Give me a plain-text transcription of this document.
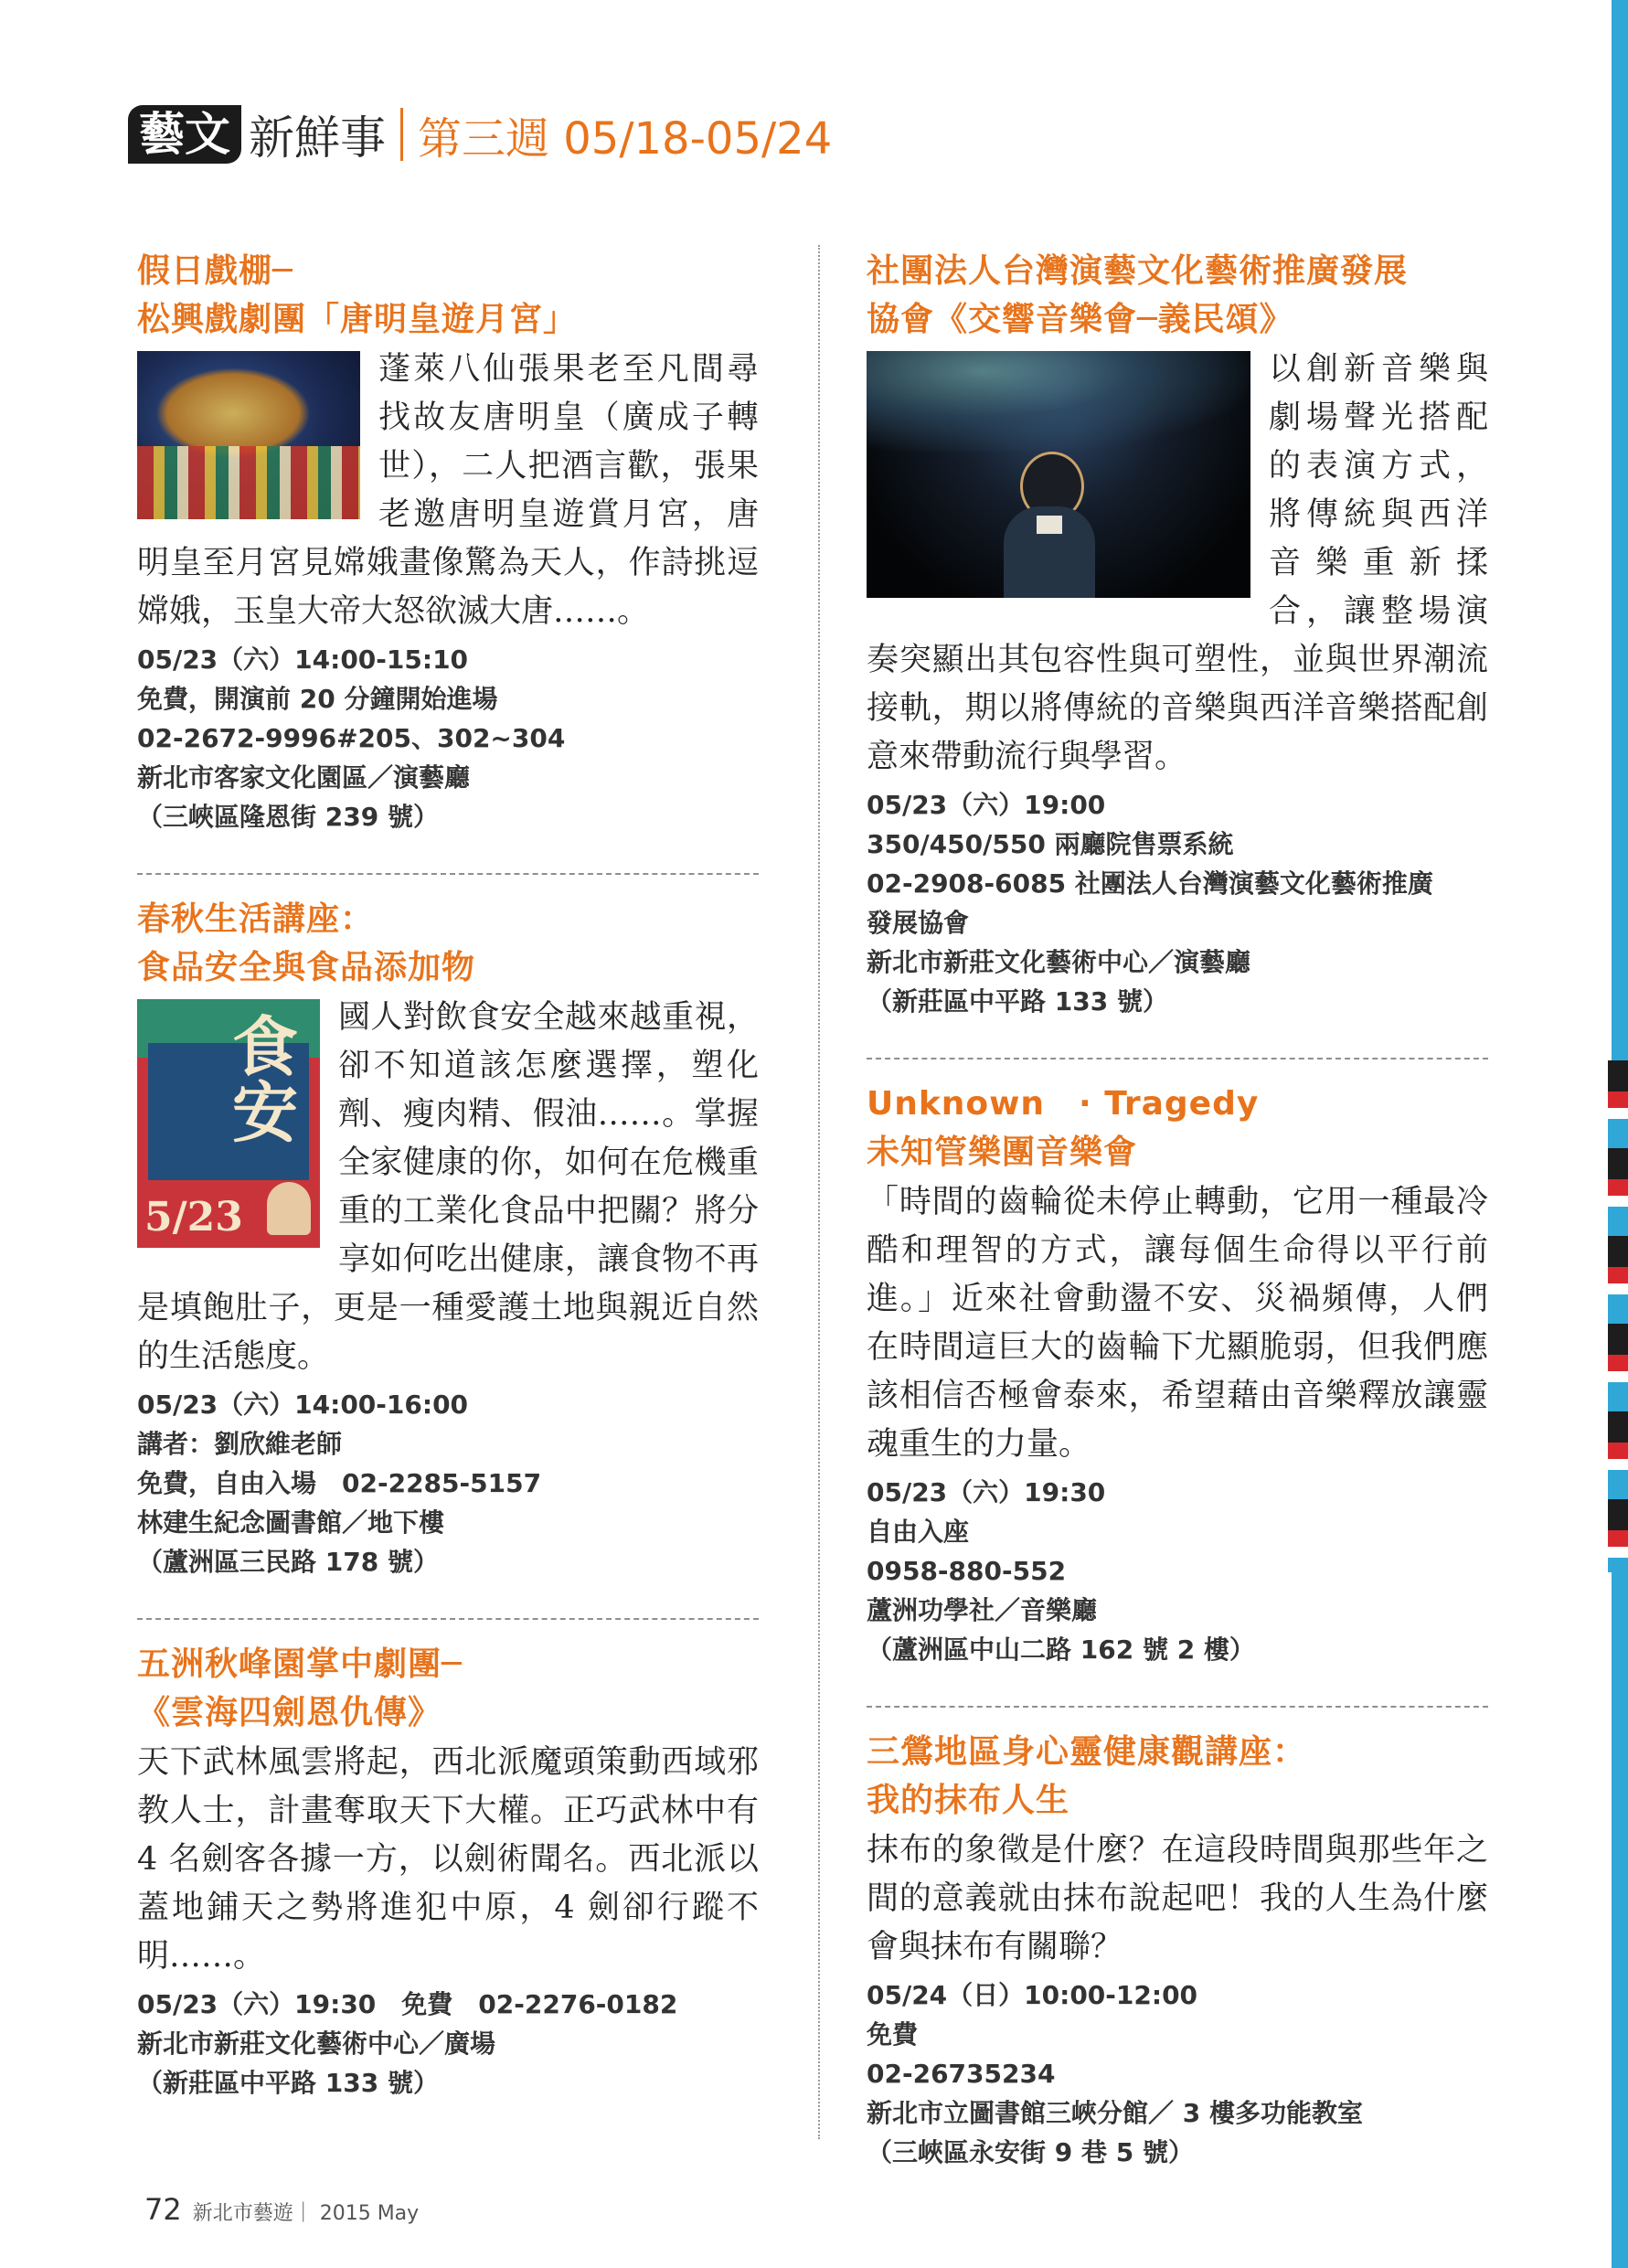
藝文 新鮮事 第三週 05/18-05/24
假日戲棚─
松興戲劇團「唐明皇遊月宮」
蓬萊八仙張果老至凡間尋找故友唐明皇（廣成子轉世），二人把酒言歡，張果老邀唐明皇遊賞月宮，唐明皇至月宮見嫦娥畫像驚為天人，作詩挑逗嫦娥，玉皇大帝大怒欲滅大唐……。
05/23（六）14:00-15:10
免費，開演前 20 分鐘開始進場
02-2672-9996#205、302~304
新北市客家文化園區／演藝廳
（三峽區隆恩街 239 號）
春秋生活講座：
食品安全與食品添加物
食安
5/23
國人對飲食安全越來越重視，卻不知道該怎麼選擇，塑化劑、瘦肉精、假油……。掌握全家健康的你，如何在危機重重的工業化食品中把關？將分享如何吃出健康，讓食物不再是填飽肚子，更是一種愛護土地與親近自然的生活態度。
05/23（六）14:00-16:00
講者：劉欣維老師
免費，自由入場　02-2285-5157
林建生紀念圖書館／地下樓
（蘆洲區三民路 178 號）
五洲秋峰園掌中劇團─
《雲海四劍恩仇傳》
天下武林風雲將起，西北派魔頭策動西域邪教人士，計畫奪取天下大權。正巧武林中有 4 名劍客各據一方，以劍術聞名。西北派以蓋地鋪天之勢將進犯中原，4 劍卻行蹤不明……。
05/23（六）19:30　免費　02-2276-0182
新北市新莊文化藝術中心／廣場
（新莊區中平路 133 號）
社團法人台灣演藝文化藝術推廣發展
協會《交響音樂會─義民頌》
以創新音樂與劇場聲光搭配的表演方式，將傳統與西洋音樂重新揉合，讓整場演奏突顯出其包容性與可塑性，並與世界潮流接軌，期以將傳統的音樂與西洋音樂搭配創意來帶動流行與學習。
05/23（六）19:00
350/450/550 兩廳院售票系統
02-2908-6085 社團法人台灣演藝文化藝術推廣
發展協會
新北市新莊文化藝術中心／演藝廳
（新莊區中平路 133 號）
Unknown　· Tragedy
未知管樂團音樂會
「時間的齒輪從未停止轉動，它用一種最冷酷和理智的方式，讓每個生命得以平行前進。」近來社會動盪不安、災禍頻傳，人們在時間這巨大的齒輪下尤顯脆弱，但我們應該相信否極會泰來，希望藉由音樂釋放讓靈魂重生的力量。
05/23（六）19:30
自由入座
0958-880-552
蘆洲功學社／音樂廳
（蘆洲區中山二路 162 號 2 樓）
三鶯地區身心靈健康觀講座：
我的抹布人生
抹布的象徵是什麼？在這段時間與那些年之間的意義就由抹布說起吧！我的人生為什麼會與抹布有關聯？
05/24（日）10:00-12:00
免費
02-26735234
新北市立圖書館三峽分館／ 3 樓多功能教室
（三峽區永安街 9 巷 5 號）
72 新北市藝遊｜ 2015 May
